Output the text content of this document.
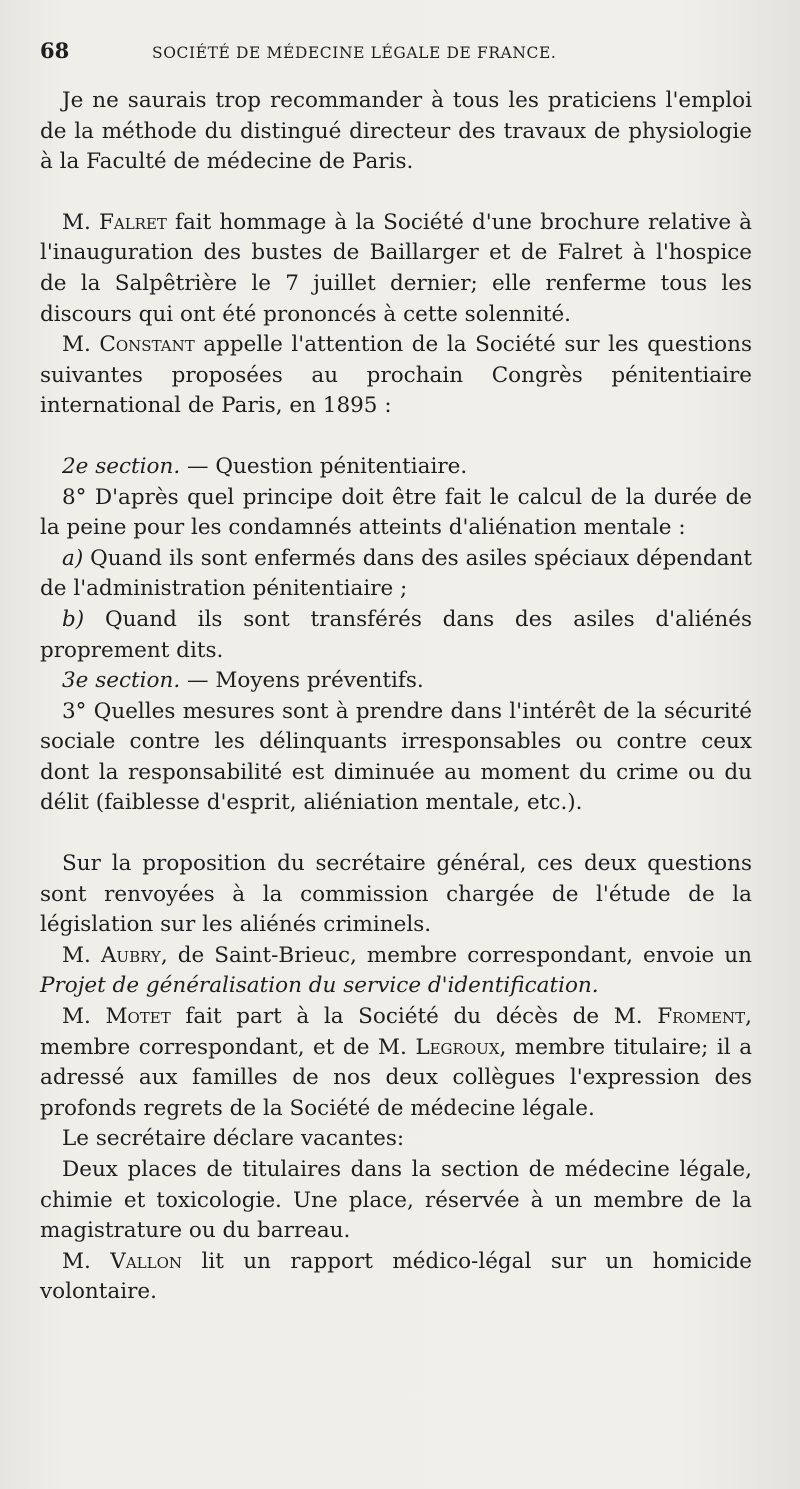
68	SOCIÉTÉ DE MÉDECINE LÉGALE DE FRANCE.

Je ne saurais trop recommander à tous les praticiens l'emploi de la méthode du distingué directeur des travaux de physiologie à la Faculté de médecine de Paris.

M. Falret fait hommage à la Société d'une brochure relative à l'inauguration des bustes de Baillarger et de Falret à l'hospice de la Salpêtrière le 7 juillet dernier; elle renferme tous les discours qui ont été prononcés à cette solennité.

M. Constant appelle l'attention de la Société sur les questions suivantes proposées au prochain Congrès pénitentiaire international de Paris, en 1895 :

2e section. — Question pénitentiaire.

8° D'après quel principe doit être fait le calcul de la durée de la peine pour les condamnés atteints d'aliénation mentale :

a) Quand ils sont enfermés dans des asiles spéciaux dépendant de l'administration pénitentiaire ;

b) Quand ils sont transférés dans des asiles d'aliénés proprement dits.

3e section. — Moyens préventifs.

3° Quelles mesures sont à prendre dans l'intérêt de la sécurité sociale contre les délinquants irresponsables ou contre ceux dont la responsabilité est diminuée au moment du crime ou du délit (faiblesse d'esprit, aliéniation mentale, etc.).

Sur la proposition du secrétaire général, ces deux questions sont renvoyées à la commission chargée de l'étude de la législation sur les aliénés criminels.

M. Aubry, de Saint-Brieuc, membre correspondant, envoie un Projet de généralisation du service d'identification.

M. Motet fait part à la Société du décès de M. Froment, membre correspondant, et de M. Legroux, membre titulaire; il a adressé aux familles de nos deux collègues l'expression des profonds regrets de la Société de médecine légale.

Le secrétaire déclare vacantes:

Deux places de titulaires dans la section de médecine légale, chimie et toxicologie. Une place, réservée à un membre de la magistrature ou du barreau.

M. Vallon lit un rapport médico-légal sur un homicide volontaire.
